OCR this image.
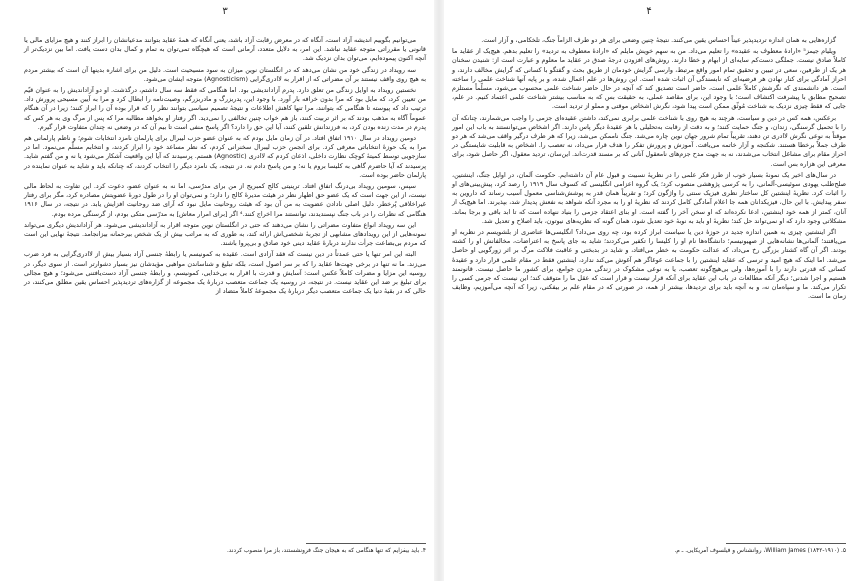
۳

می‌توانیم بگوییم اندیشه آزاد است، آنگاه که در معرض رقابت آزاد باشد، یعنی آنگاه که همهٔ عقاید بتوانند مدعیانشان را ابراز کنند و هیچ مزایای مالی یا قانونی یا مقرراتی متوجه عقاید نباشد. این امر، به دلایل متعدد، آرمانی است که هیچگاه تمی‌توان به تمام و کمال بدان دست یافت. اما بین نزدیک‌تر از آنچه اکنون پیموده‌ایم، می‌توان بدان نزدیک شد.

سه رویداد در زندگی خود من نشان می‌دهد که در انگلستان نوین میزان به سود مسیحیت است. دلیل من برای اشاره بدینها آن است که بیشتر مردم به هیچ روی واقف نیستند بر آن مضراتی که از اقرار به لاادری‌گرایی (Agnosticism) متوجه ایشان می‌شود.

نخستین رویداد به اوایل زندگی من تعلق دارد. پدرم آزاداندیشی بود. اما هنگامی که فقط سه سال داشتم، درگذشت. او دو آزاداندیش را به عنوان قیّم من تعیین کرد، که مایل بود که مرا بدون خرافه بار آورد. با وجود این، پدربزرگ و مادربزرگم، وصیت‌نامه را ابطال کرد و مرا به آیین مسیحی پرورش داد. ترتیب داد که پیوسته تا هنگامی که بتوانند، مرا تنها کاهش اطلاعات و نتیجهٔ تصمیم سیاسی بتوانند نظر را که قرار بوده آن را ابراز کنند؛ زیرا در آن هنگام عموماً آگاه به مذهب بودند که بر اثر تربیت کنند، باز هم خواب چنین تخالفی را نمی‌دید. اگر رفتار او بخواهد مطالبه مرا که پس از مرگ وی به هر کس که پدرم در مدت زنده بودن کرد، به فرزندانش تلقین کنند، آیا این حق را دارد؟ اگر پاسخ منفی است تا بیم آن که در وضعی نه چندان متفاوت قرار گیرم.

دومین رویداد در سال ۱۹۱۰ اتفاق افتاد. در آن زمان مایل بودم که به عنوان عضو حزب لیبرال برای پارلمان نامزد انتخابات شوم؛ و ناظم پارلمانی هم مرا به یک حوزهٔ انتخاباتی معرفی کرد. برای انجمن حزب لیبرال سخنرانی کردم، که نظر مساعد خود را ابراز کردند، و انتخابم مسلّم می‌نمود. اما در سازجویی توسط کمیتهٔ کوچک نظارت داخلی، اذعان کردم که لاادری (Agnostic) هستم. پرسیدند که آیا این واقعیت آشکار می‌شود یا نه و من گفتم شاید. پرسیدند که آیا حاضرم گاهی به کلیسا بروم یا نه؛ و من پاسخ دادم نه. در نتیجه، یک نامزد دیگر را انتخاب کردند، که چنانکه باید و شاید به عنوان نماینده در پارلمان حاضر بوده است.

سپس، سومین رویداد بی‌درنگ اتفاق افتاد. ترینیتی کالج کمبریج از من برای مدرّسی، اما نه به عنوان عضو، دعوت کرد. این تفاوت به لحاظ مالی نیست، از این جهت است که یک عضو حق اظهار نظر در هیئت مدیرهٔ کالج را دارد؛ و نمی‌توان او را در طول دورهٔ عضویتش مصادره کرد، مگر برای رفتار غیراخلاقی پُرخطر. دلیل اصلی نادادن عضویت به من آن بود که هیئت روحانیت مایل نبود که آرای ضد روحانیت افزایش یابد. در نتیجه، در سال ۱۹۱۶ هنگامی که نظرات را در باب جنگ نپسندیدند، توانستند مرا اخراج کنند.⁴ اگر [برای امرار معاش] به مدرّسی متکی بودم، از گرسنگی مرده بودم.

این سه رویداد انواع متفاوت مضراتی را نشان می‌دهند که حتی در انگلستان نوین متوجه اقرار به آزاداندیشی می‌شود. هر آزاداندیش دیگری می‌تواند نمونه‌هایی از این رویدادهای مشابهی از تجربهٔ شخصی‌اش ارائه کند، به طوری که به مراتب بیش از یک شخص بیرحمانه بیزانجامد. نتیجهٔ نهایی این است که مردم بی‌بضاعت جرأت ندارند دربارهٔ عقاید دینی خود صادق و بی‌پروا باشند.

البته این امر تنها یا حتی عمدتاً در دین نیست که فقد آزادی است. عقیده به کمونیسم یا رابطهٔ جنسی آزاد بسیار بیش از لاادری‌گرایی به فرد ضرب می‌زند. ما نه تنها در برخی جهت‌ها عقاید را که بر سر اصول است، بلکه تبلیغ و شناساندن مواهبی مؤیدشان نیز بسیار دشوارتر است. از سوی دیگر، در روسیه این مزایا و مضرات کاملاً عکس است: آسایش و قدرت با اقرار به بی‌خدایی، کمونیسم، و رابطهٔ جنسی آزاد دست‌یافتنی می‌شود؛ و هیچ مجالی برای تبلیغ بر ضد این عقاید نیست. در نتیجه، در روسیه یک جماعت متعصب دربارهٔ یک مجموعه از گزاره‌های تردیدپذیر احساس یقین مطلق می‌کنند، در حالی که در بقیهٔ دنیا یک جماعت متعصب دیگر دربارهٔ یک مجموعهٔ کاملاً متضاد از

۴. باید بیفزایم که تنها هنگامی که به هیجان جنگ فرونشستند، باز مرا منصوب کردند.
۴

گزاره‌هایی به همان اندازه تردیدپذیر عیناً احساس یقین می‌کنند. نتیجهٔ چنین وضعی برای هر دو طرف الزاماً جنگ، تلخکامی، و آزار است.

ویلیام جیمز⁵ «ارادهٔ معطوف به عقیده» را تعلیم می‌داد. من به سهم خویش مایلم که «ارادهٔ معطوف به تردید» را تعلیم بدهم. هیچ‌یک از عقاید ما کاملاً صادق نیست. جملگی دست‌کم سایه‌ای از ابهام و خطا دارند. روش‌های افزودن درجهٔ صدق در عقاید ما معلوم و عبارت است از: شنیدن سخنان هر یک از طرفین، سعی در تبیین و تحقیق تمام امور واقع مرتبط، وارسی گرایش خودمان از طریق بحث و گفتگو با کسانی که گرایش مخالف دارند، و احراز آمادگی برای کنار نهادن هر فرضیه‌ای که نابسندگی آن اثبات شده است. این روش‌ها در علم اعمال شده، و بر پایه آنها شناخت علمی را ساخته است. هر دانشمندی که نگرشش کاملاً علمی است، حاضر است تصدیق کند که آنچه در حال حاضر شناخت علمی محسوب می‌شود، مسلّماً مستلزم تصحیح مطابق با پیشرفت اکتشاف است؛ با وجود این، برای مقاصد عملی، به حقیقت بس که به مناسب بیشتر شناخت علمی اعتماد کنیم. در علم، جایی که فقط چیزی نزدیک به شناخت مُوثّق ممکن است پیدا شود، نگرش اشخاص موقتی و مملو از تردید است.

برعکس، همه کس در دین و سیاست، هرچند به هیچ روی با شناخت علمی برابری نمی‌کند، داشتن عقیده‌ای جزمی را واجب می‌شمارند، چنانکه آن را با تحمیل گرسنگی، زندان، و جنگ حمایت کنند؛ و به دقت از رقابت به‌تحلیلی با هر عقیدهٔ دیگر پاس دارند. اگر اشخاص می‌توانستند به باب این امور موقتاً به نوعی نگرش لاادری تن دهند، تقریباً تمام شرور جهان نوین چاره می‌شد. جنگ ناممکن می‌شد، زیرا که هر طرف درگیر واقف می‌شد که هر دو طرف جملاً برخطا هستند. شکنجه و آزار خاتمه می‌یافت. آموزش و پرورش تفکر را هدف قرار می‌داد، نه تعصب را. اشخاص به قابلیت شایستگی در احراز مقام برای مشاغل انتخاب می‌شدند، نه به جهت مدح جزم‌های نامعقول آنانی که بر مسند قدرت‌اند. این‌سان، تردید معقول، اگر حاصل شود، برای معرفی این هزاره بس است.

در سال‌های اخیر یک نمونهٔ بسیار خوب از طرز فکر علمی را در نظریهٔ نسبیت و قبول عام آن داشته‌ایم. حکومت آلمان، در اوایل جنگ، اینشتین، صلح‌طلب یهودی سوئیسی-آلمانی، را به کرسی پژوهشی منصوب کرد؛ یک گروه اعزامی انگلیسی که کسوف سال ۱۹۱۹ را رصد کرد، پیش‌بینی‌های او را اثبات کرد. نظریهٔ اینشتین کل ساختار نظری فیزیک سنتی را واژگون کرد؛ و تقریباً همان قدر به پوشش‌شناسی معمول آسیب رساند که داروین به سفر پیدایش. با این حال، فیزیکدانان همه جا اعلام آمادگی کامل کردند که نظریهٔ او را به مجرد آنکه شواهد به نفعش پدیدار شد، بپذیرند. اما هیچ‌یک از آنان، کمتر از همه خود اینشتین، ادعا نکرده‌اند که او سخن آخر را گفته است. او بنای اعتقاد جزمی را بنیاد ننهاده است که تا ابد باقی و برجا بماند. مشکلاتی وجود دارد که او نمی‌تواند حل کند؛ نظریهٔ او باید به نوبهٔ خود تعدیل شود، همان گونه که نظریه‌های نیوتون، باید اصلاح و تعدیل شد.

اگر اینشتین چیزی به همین اندازه جدید در حوزهٔ دین یا سیاست ابراز کرده بود، چه روی می‌داد؟ انگلیسی‌ها عناصری از بلشویسم در نظریه او می‌یافتند؛ آلمانی‌ها نشانه‌هایی از صهیونیسم؛ دانشگاه‌ها نام او را کلیسا را تکفیر می‌کردند؛ شاید به جای پاسخ به اعتراضات، مخالفانش او را کشته بودند. اگر آن گاه کشتار بزرگی رخ می‌داد، که عدالت حکومت به خطر می‌افتاد، و شاید در بدبختی و عاقبت فلاکت مرگ بر اثر زورگویی او حاصل می‌شد. اما اینک که هیچ امید و ترسی که عقاید اینشتین را با جماعت غوغاگر هم آغوش می‌کند ندارد، اینشتین فقط در مقام علمی قرار دارد و عقیدهٔ کسانی که قدرتی دارند را با آموزه‌ها، ولی بی‌هیچ‌گونه تعصب، یا به نوعی مشکوک در زندگی مدرن جوامع، برای کشور ما حاصل نیست. قانونمند هستیم و اجرا شدنی؛ دیگر آنکه مطالعات در باب این عقاید برای آنکه قرار نیست و قرار است که عقل ما را متوقف کند؛ این نیست که جرمی کسی را تکرار می‌کند. ما و سپاه‌مان نه، و به آنچه باید برای تردیدها، بیشتر از همه، در صورتی که در مقام علم بر بیفکنی، زیرا که آنچه می‌آموزیم، وظایف زمان ما است.

۵. William James (۱۸۴۲-۱۹۱۰)، روانشناس و فیلسوف آمریکایی. ـ م.
